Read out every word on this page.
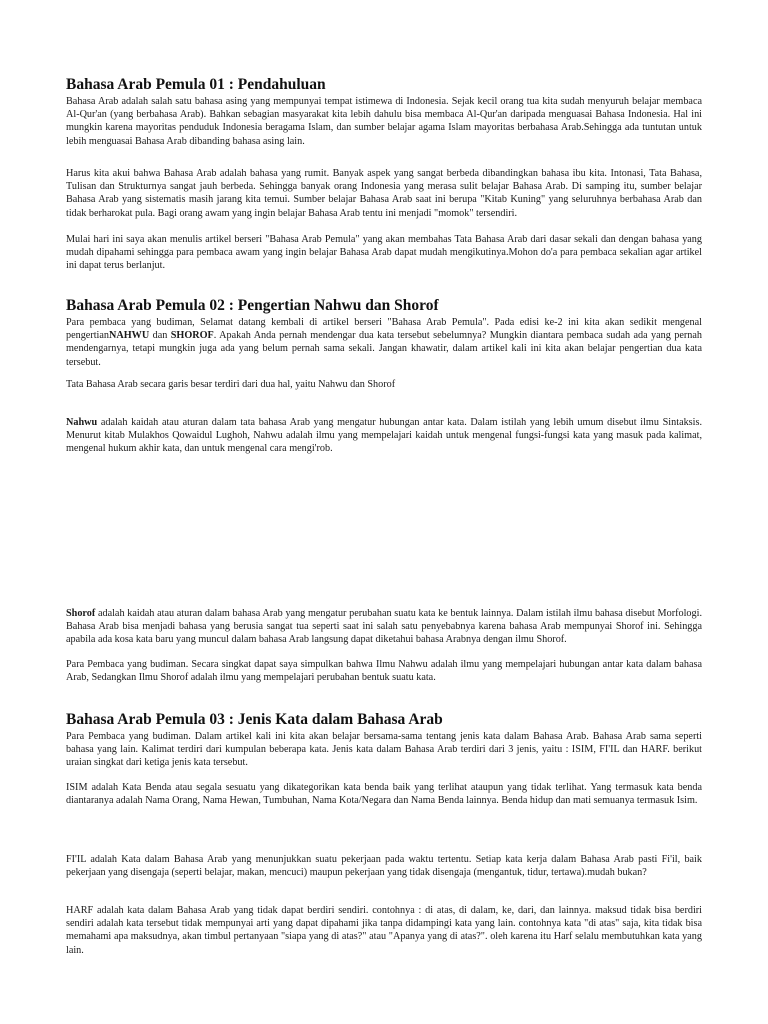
Bahasa Arab Pemula 01 : Pendahuluan

Bahasa Arab adalah salah satu bahasa asing yang mempunyai tempat istimewa di Indonesia. Sejak kecil orang tua kita sudah menyuruh belajar membaca Al-Qur'an (yang berbahasa Arab). Bahkan sebagian masyarakat kita lebih dahulu bisa membaca Al-Qur'an daripada menguasai Bahasa Indonesia. Hal ini mungkin karena mayoritas penduduk Indonesia beragama Islam, dan sumber belajar agama Islam mayoritas berbahasa Arab.Sehingga ada tuntutan untuk lebih menguasai Bahasa Arab dibanding bahasa asing lain.

Harus kita akui bahwa Bahasa Arab adalah bahasa yang rumit. Banyak aspek yang sangat berbeda dibandingkan bahasa ibu kita. Intonasi, Tata Bahasa, Tulisan dan Strukturnya sangat jauh berbeda. Sehingga banyak orang Indonesia yang merasa sulit belajar Bahasa Arab. Di samping itu, sumber belajar Bahasa Arab yang sistematis masih jarang kita temui. Sumber belajar Bahasa Arab saat ini berupa "Kitab Kuning" yang seluruhnya berbahasa Arab dan tidak berharokat pula. Bagi orang awam yang ingin belajar Bahasa Arab tentu ini menjadi "momok" tersendiri.

Mulai hari ini saya akan menulis artikel berseri "Bahasa Arab Pemula" yang akan membahas Tata Bahasa Arab dari dasar sekali dan dengan bahasa yang mudah dipahami sehingga para pembaca awam yang ingin belajar Bahasa Arab dapat mudah mengikutinya.Mohon do'a para pembaca sekalian agar artikel ini dapat terus berlanjut.

Bahasa Arab Pemula 02 : Pengertian Nahwu dan Shorof

Para pembaca yang budiman, Selamat datang kembali di artikel berseri "Bahasa Arab Pemula". Pada edisi ke-2 ini kita akan sedikit mengenal pengertianNAHWU dan SHOROF. Apakah Anda pernah mendengar dua kata tersebut sebelumnya? Mungkin diantara pembaca sudah ada yang pernah mendengarnya, tetapi mungkin juga ada yang belum pernah sama sekali. Jangan khawatir, dalam artikel kali ini kita akan belajar pengertian dua kata tersebut.

Tata Bahasa Arab secara garis besar terdiri dari dua hal, yaitu Nahwu dan Shorof

Nahwu adalah kaidah atau aturan dalam tata bahasa Arab yang mengatur hubungan antar kata. Dalam istilah yang lebih umum disebut ilmu Sintaksis. Menurut kitab Mulakhos Qowaidul Lughoh, Nahwu adalah ilmu yang mempelajari kaidah untuk mengenal fungsi-fungsi kata yang masuk pada kalimat, mengenal hukum akhir kata, dan untuk mengenal cara mengi'rob.

Shorof adalah kaidah atau aturan dalam bahasa Arab yang mengatur perubahan suatu kata ke bentuk lainnya. Dalam istilah ilmu bahasa disebut Morfologi. Bahasa Arab bisa menjadi bahasa yang berusia sangat tua seperti saat ini salah satu penyebabnya karena bahasa Arab mempunyai Shorof ini. Sehingga apabila ada kosa kata baru yang muncul dalam bahasa Arab langsung dapat diketahui bahasa Arabnya dengan ilmu Shorof.

Para Pembaca yang budiman. Secara singkat dapat saya simpulkan bahwa Ilmu Nahwu adalah ilmu yang mempelajari hubungan antar kata dalam bahasa Arab, Sedangkan Ilmu Shorof adalah ilmu yang mempelajari perubahan bentuk suatu kata.

Bahasa Arab Pemula 03 : Jenis Kata dalam Bahasa Arab

Para Pembaca yang budiman. Dalam artikel kali ini kita akan belajar bersama-sama tentang jenis kata dalam Bahasa Arab. Bahasa Arab sama seperti bahasa yang lain. Kalimat terdiri dari kumpulan beberapa kata. Jenis kata dalam Bahasa Arab terdiri dari 3 jenis, yaitu : ISIM, FI'IL dan HARF. berikut uraian singkat dari ketiga jenis kata tersebut.

ISIM adalah Kata Benda atau segala sesuatu yang dikategorikan kata benda baik yang terlihat ataupun yang tidak terlihat. Yang termasuk kata benda diantaranya adalah Nama Orang, Nama Hewan, Tumbuhan, Nama Kota/Negara dan Nama Benda lainnya. Benda hidup dan mati semuanya termasuk Isim.

FI'IL adalah Kata dalam Bahasa Arab yang menunjukkan suatu pekerjaan pada waktu tertentu. Setiap kata kerja dalam Bahasa Arab pasti Fi'il, baik pekerjaan yang disengaja (seperti belajar, makan, mencuci) maupun pekerjaan yang tidak disengaja (mengantuk, tidur, tertawa).mudah bukan?

HARF adalah kata dalam Bahasa Arab yang tidak dapat berdiri sendiri. contohnya : di atas, di dalam, ke, dari, dan lainnya. maksud tidak bisa berdiri sendiri adalah kata tersebut tidak mempunyai arti yang dapat dipahami jika tanpa didampingi kata yang lain. contohnya kata "di atas" saja, kita tidak bisa memahami apa maksudnya, akan timbul pertanyaan "siapa yang di atas?" atau "Apanya yang di atas?". oleh karena itu Harf selalu membutuhkan kata yang lain.
